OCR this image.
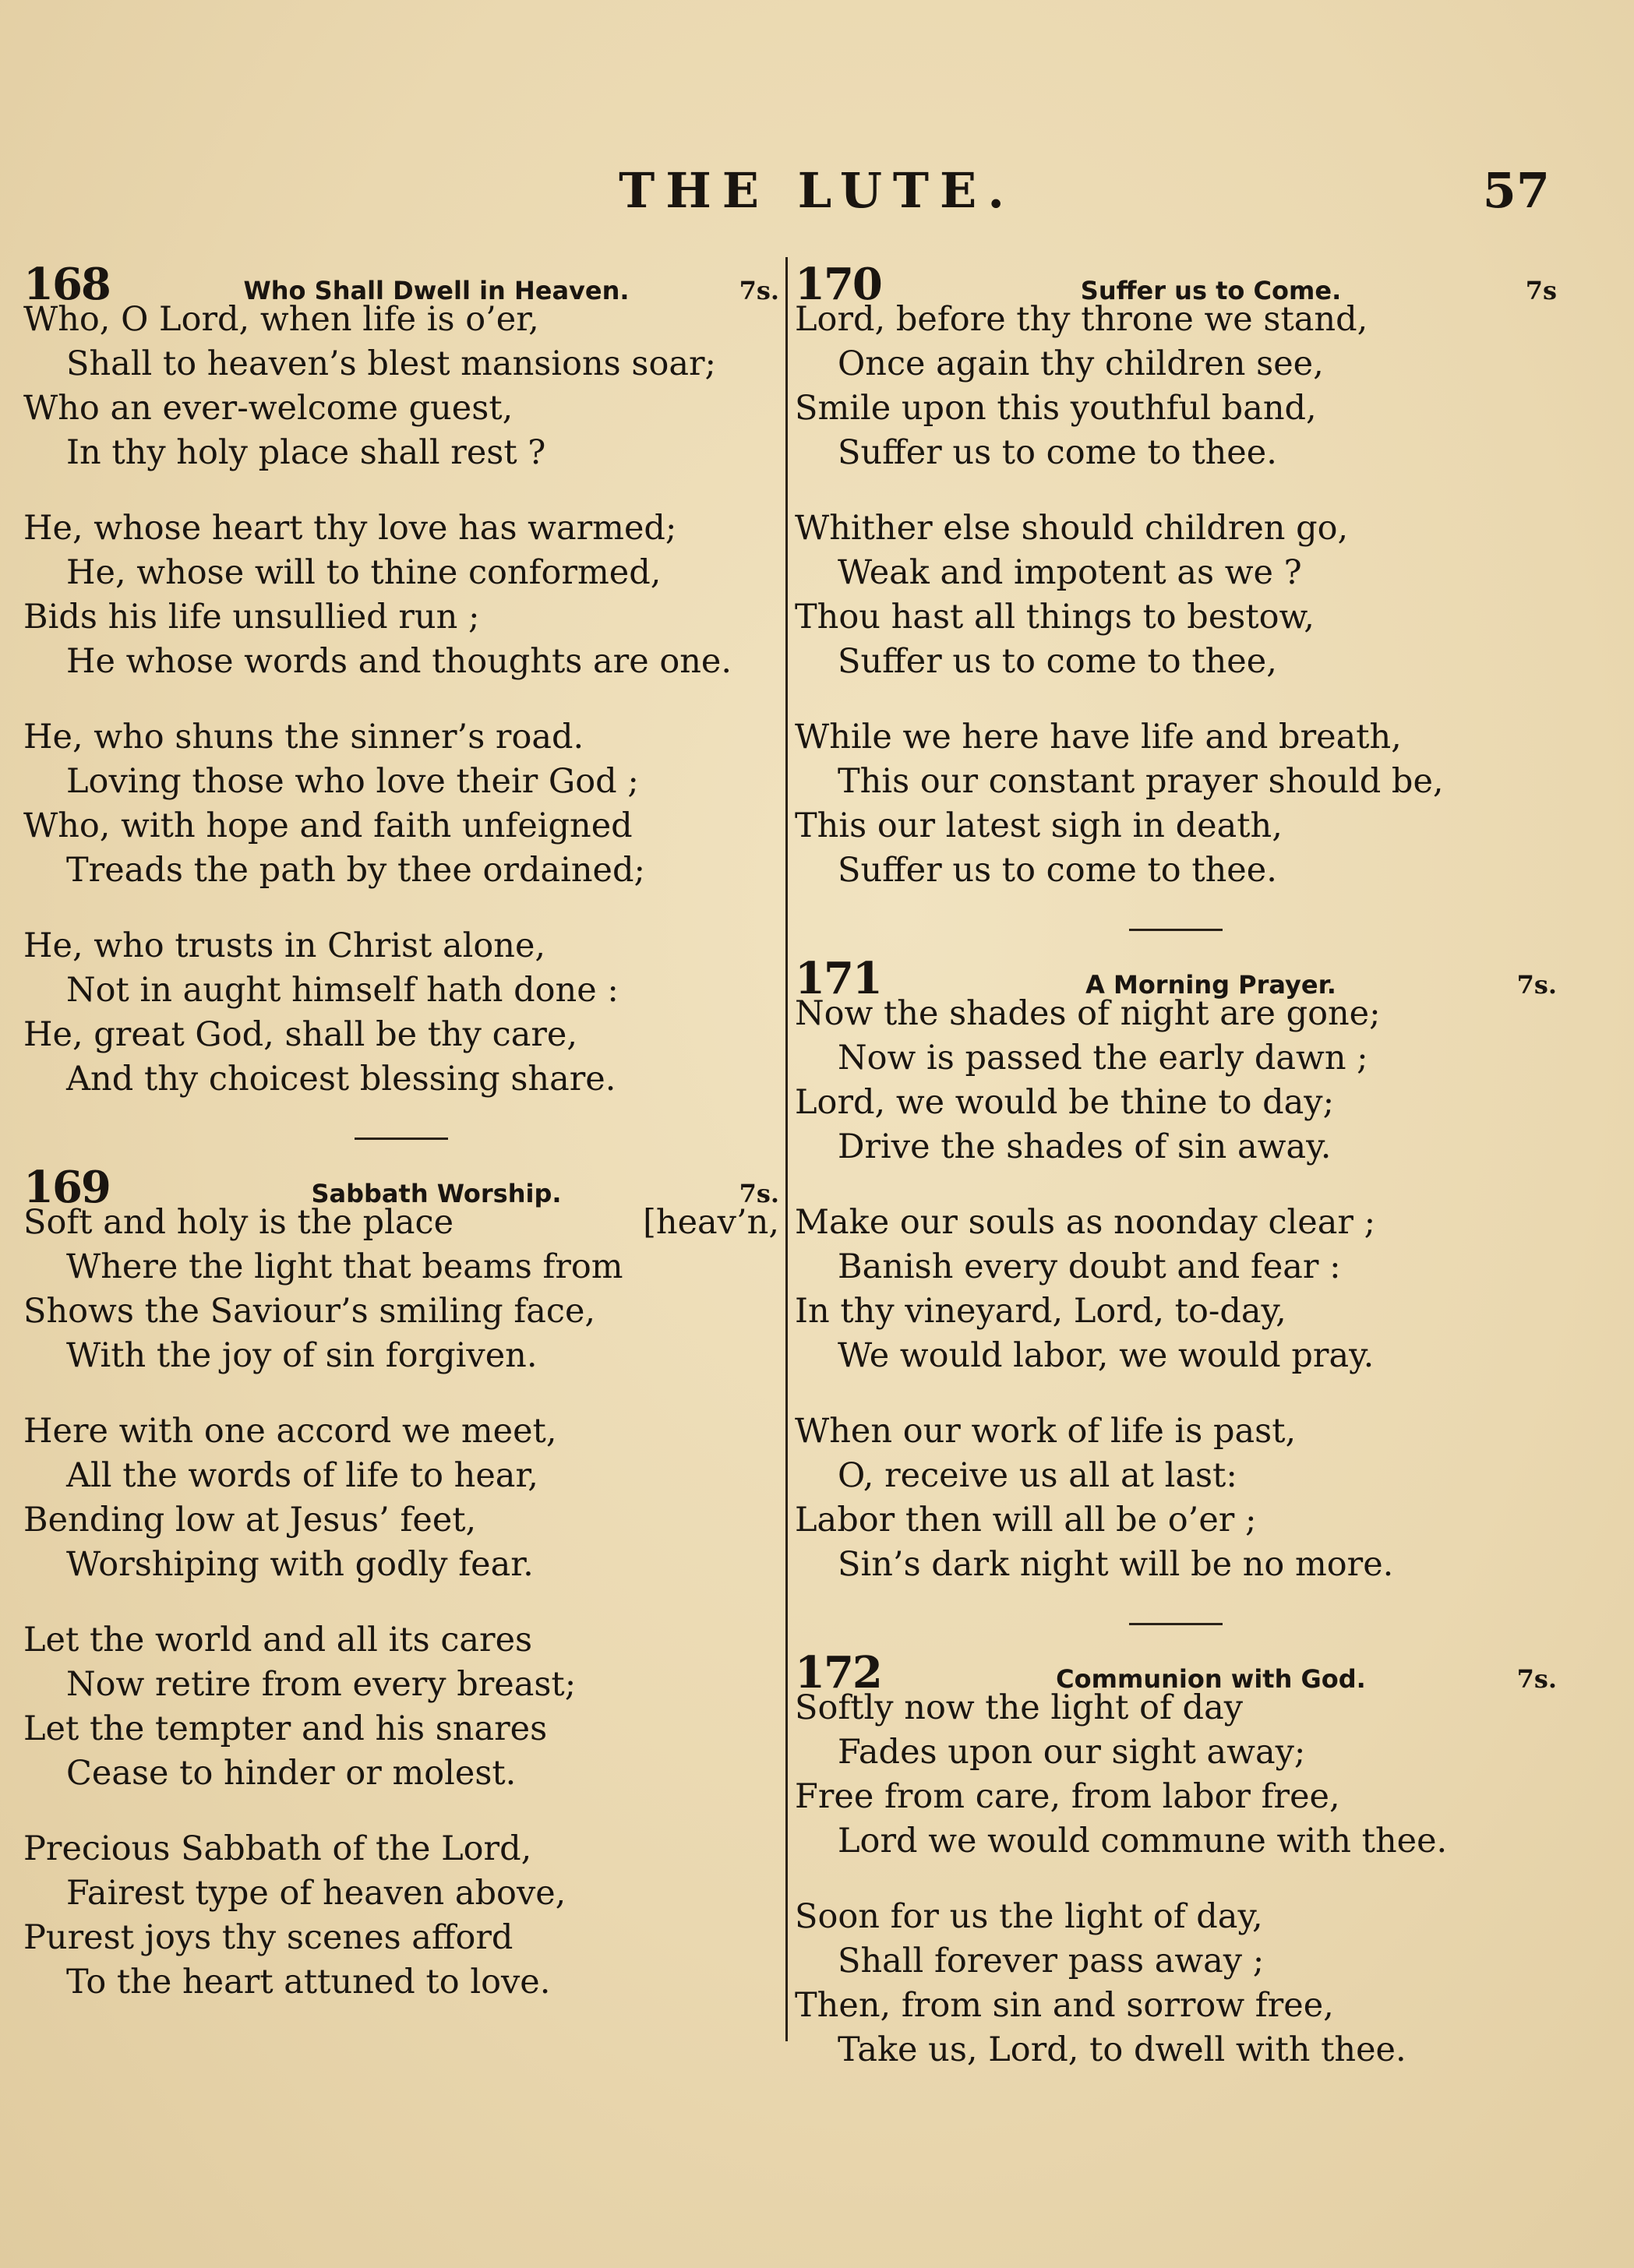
THE LUTE.	57
168	Who Shall Dwell in Heaven.	7s.
Who, O Lord, when life is o’er,
Shall to heaven’s blest mansions soar;
Who an ever-welcome guest,
In thy holy place shall rest ?
He, whose heart thy love has warmed;
He, whose will to thine conformed,
Bids his life unsullied run ;
He whose words and thoughts are one.
He, who shuns the sinner’s road.
Loving those who love their God ;
Who, with hope and faith unfeigned
Treads the path by thee ordained;
He, who trusts in Christ alone,
Not in aught himself hath done :
He, great God, shall be thy care,
And thy choicest blessing share.
169	Sabbath Worship.	7s.
Soft and holy is the place	[heav’n,
Where the light that beams from
Shows the Saviour’s smiling face,
With the joy of sin forgiven.
Here with one accord we meet,
All the words of life to hear,
Bending low at Jesus’ feet,
Worshiping with godly fear.
Let the world and all its cares
Now retire from every breast;
Let the tempter and his snares
Cease to hinder or molest.
Precious Sabbath of the Lord,
Fairest type of heaven above,
Purest joys thy scenes afford
To the heart attuned to love.
170	Suffer us to Come.	7s
Lord, before thy throne we stand,
Once again thy children see,
Smile upon this youthful band,
Suffer us to come to thee.
Whither else should children go,
Weak and impotent as we ?
Thou hast all things to bestow,
Suffer us to come to thee,
While we here have life and breath,
This our constant prayer should be,
This our latest sigh in death,
Suffer us to come to thee.
171	A Morning Prayer.	7s.
Now the shades of night are gone;
Now is passed the early dawn ;
Lord, we would be thine to day;
Drive the shades of sin away.
Make our souls as noonday clear ;
Banish every doubt and fear :
In thy vineyard, Lord, to-day,
We would labor, we would pray.
When our work of life is past,
O, receive us all at last:
Labor then will all be o’er ;
Sin’s dark night will be no more.
172	Communion with God.	7s.
Softly now the light of day
Fades upon our sight away;
Free from care, from labor free,
Lord we would commune with thee.
Soon for us the light of day,
Shall forever pass away ;
Then, from sin and sorrow free,
Take us, Lord, to dwell with thee.
